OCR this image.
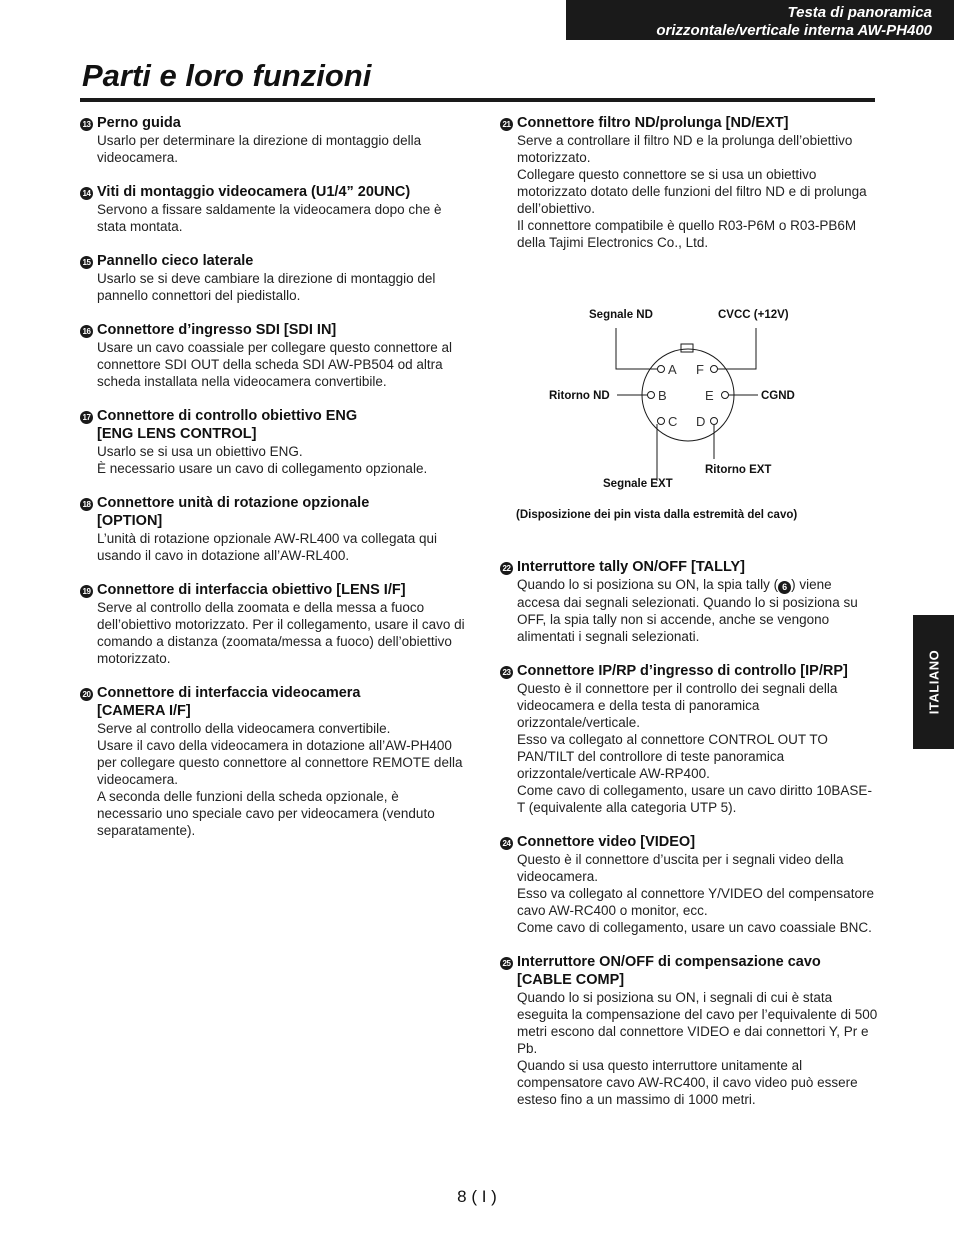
Testa di panoramica
orizzontale/verticale interna AW-PH400
Parti e loro funzioni
13 Perno guida

Usarlo per determinare la direzione di montaggio della videocamera.

14 Viti di montaggio videocamera (U1/4” 20UNC)

Servono a fissare saldamente la videocamera dopo che è stata montata.

15 Pannello cieco laterale

Usarlo se si deve cambiare la direzione di montaggio del pannello connettori del piedistallo.

16 Connettore d’ingresso SDI [SDI IN]

Usare un cavo coassiale per collegare questo connettore al connettore SDI OUT della scheda SDI AW-PB504 od altra scheda installata nella videocamera convertibile.

17 Connettore di controllo obiettivo ENG
[ENG LENS CONTROL]

Usarlo se si usa un obiettivo ENG.

È necessario usare un cavo di collegamento opzionale.

18 Connettore unità di rotazione opzionale
[OPTION]

L’unità di rotazione opzionale AW-RL400 va collegata qui usando il cavo in dotazione all’AW-RL400.

19 Connettore di interfaccia obiettivo [LENS I/F]

Serve al controllo della zoomata e della messa a fuoco dell’obiettivo motorizzato. Per il collegamento, usare il cavo di comando a distanza (zoomata/messa a fuoco) dell’obiettivo motorizzato.

20 Connettore di interfaccia videocamera
[CAMERA I/F]

Serve al controllo della videocamera convertibile.

Usare il cavo della videocamera in dotazione all’AW-PH400 per collegare questo connettore al connettore REMOTE della videocamera.

A seconda delle funzioni della scheda opzionale, è necessario uno speciale cavo per videocamera (venduto separatamente).

21 Connettore filtro ND/prolunga [ND/EXT]

Serve a controllare il filtro ND e la prolunga dell’obiettivo motorizzato.

Collegare questo connettore se si usa un obiettivo motorizzato dotato delle funzioni del filtro ND e di prolunga dell’obiettivo.

Il connettore compatibile è quello R03-P6M o R03-PB6M della Tajimi Electronics Co., Ltd.

Segnale ND	CVCC (+12V)
Ritorno ND	CGND
Segnale EXT
Ritorno EXT
(Disposizione dei pin vista dalla estremità del cavo)
A F
B	E
C D
22 Interruttore tally ON/OFF [TALLY]

Quando lo si posiziona su ON, la spia tally ( 6 ) viene accesa dai segnali selezionati. Quando lo si posiziona su OFF, la spia tally non si accende, anche se vengono alimentati i segnali selezionati.

23 Connettore IP/RP d’ingresso di controllo [IP/RP]

Questo è il connettore per il controllo dei segnali della videocamera e della testa di panoramica orizzontale/verticale.

Esso va collegato al connettore CONTROL OUT TO PAN/TILT del controllore di teste panoramica orizzontale/verticale AW-RP400.

Come cavo di collegamento, usare un cavo diritto 10BASE-T (equivalente alla categoria UTP 5).

24 Connettore video [VIDEO]

Questo è il connettore d’uscita per i segnali video della videocamera.

Esso va collegato al connettore Y/VIDEO del compensatore cavo AW-RC400 o monitor, ecc.

Come cavo di collegamento, usare un cavo coassiale BNC.

25 Interruttore ON/OFF di compensazione cavo
[CABLE COMP]

Quando lo si posiziona su ON, i segnali di cui è stata eseguita la compensazione del cavo per l’equivalente di 500 metri escono dal connettore VIDEO e dai connettori Y, Pr e Pb.

Quando si usa questo interruttore unitamente al compensatore cavo AW-RC400, il cavo video può essere esteso fino a un massimo di 1000 metri.

ITALIANO
8 ( I )
